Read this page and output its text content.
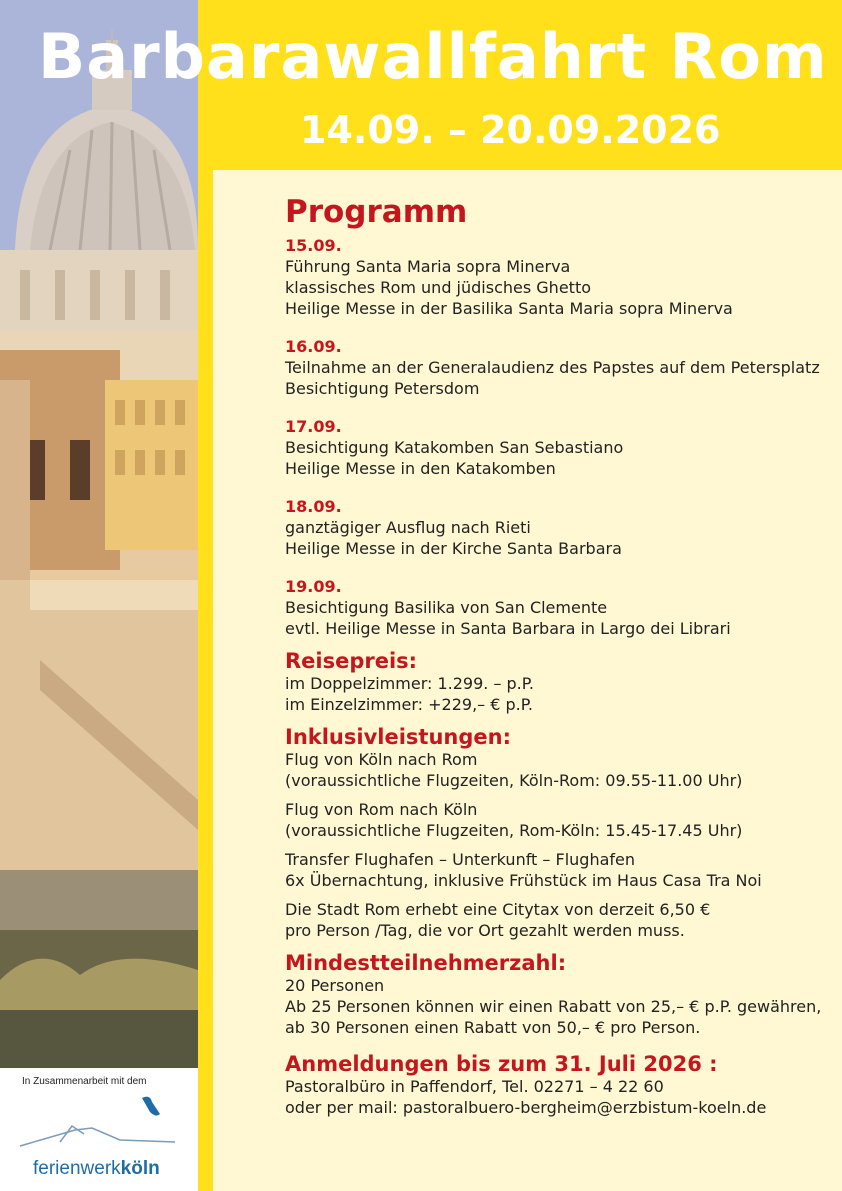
In Zusammenarbeit mit dem
ferienwerkköln
Barbarawallfahrt Rom
14.09. – 20.09.2026
Programm
15.09.
Führung Santa Maria sopra Minerva
klassisches Rom und jüdisches Ghetto
Heilige Messe in der Basilika Santa Maria sopra Minerva
16.09.
Teilnahme an der Generalaudienz des Papstes auf dem Petersplatz
Besichtigung Petersdom
17.09.
Besichtigung Katakomben San Sebastiano
Heilige Messe in den Katakomben
18.09.
ganztägiger Ausflug nach Rieti
Heilige Messe in der Kirche Santa Barbara
19.09.
Besichtigung Basilika von San Clemente
evtl. Heilige Messe in Santa Barbara in Largo dei Librari
Reisepreis:
im Doppelzimmer: 1.299. – p.P.
im Einzelzimmer: +229,– € p.P.
Inklusivleistungen:
Flug von Köln nach Rom
(voraussichtliche Flugzeiten, Köln-Rom: 09.55-11.00 Uhr)
Flug von Rom nach Köln
(voraussichtliche Flugzeiten, Rom-Köln: 15.45-17.45 Uhr)
Transfer Flughafen – Unterkunft – Flughafen
6x Übernachtung, inklusive Frühstück im Haus Casa Tra Noi
Die Stadt Rom erhebt eine Citytax von derzeit 6,50 €
pro Person /Tag, die vor Ort gezahlt werden muss.
Mindestteilnehmerzahl:
20 Personen
Ab 25 Personen können wir einen Rabatt von 25,– € p.P. gewähren,
ab 30 Personen einen Rabatt von 50,– € pro Person.
Anmeldungen bis zum 31. Juli 2026 :
Pastoralbüro in Paffendorf, Tel. 02271 – 4 22 60
oder per mail: pastoralbuero-bergheim@erzbistum-koeln.de
